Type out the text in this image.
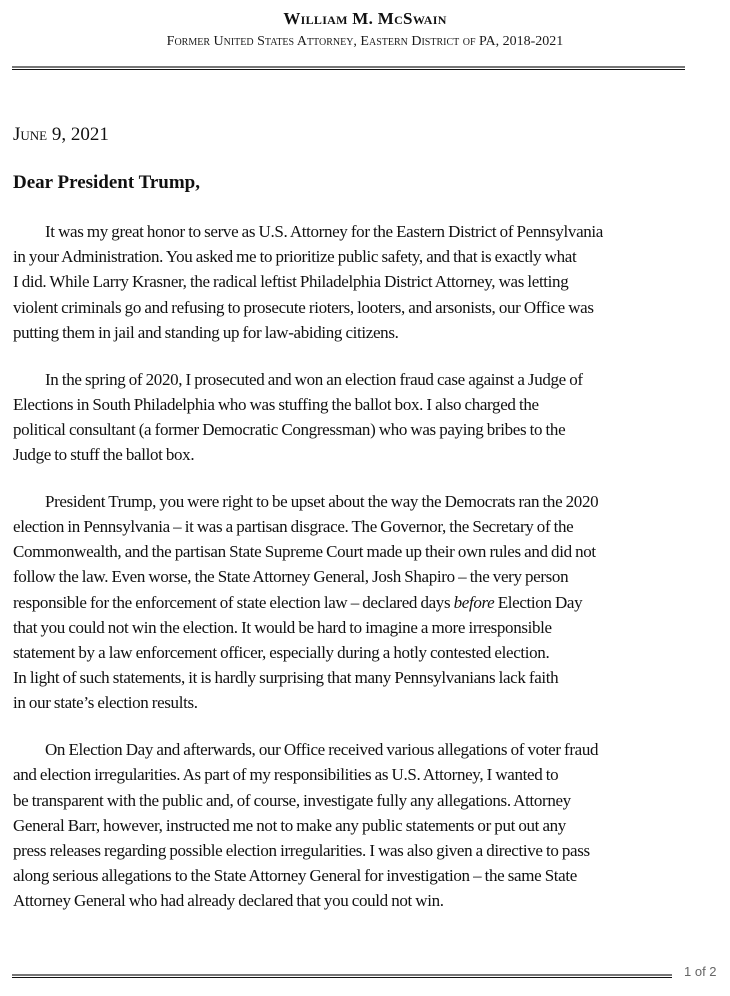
William M. McSwain
Former United States Attorney, Eastern District of PA, 2018-2021
June 9, 2021
Dear President Trump,
It was my great honor to serve as U.S. Attorney for the Eastern District of Pennsylvania
in your Administration. You asked me to prioritize public safety, and that is exactly what
I did. While Larry Krasner, the radical leftist Philadelphia District Attorney, was letting
violent criminals go and refusing to prosecute rioters, looters, and arsonists, our Office was
putting them in jail and standing up for law-abiding citizens.
In the spring of 2020, I prosecuted and won an election fraud case against a Judge of
Elections in South Philadelphia who was stuffing the ballot box. I also charged the
political consultant (a former Democratic Congressman) who was paying bribes to the
Judge to stuff the ballot box.
President Trump, you were right to be upset about the way the Democrats ran the 2020
election in Pennsylvania – it was a partisan disgrace. The Governor, the Secretary of the
Commonwealth, and the partisan State Supreme Court made up their own rules and did not
follow the law. Even worse, the State Attorney General, Josh Shapiro – the very person
responsible for the enforcement of state election law – declared days before Election Day
that you could not win the election. It would be hard to imagine a more irresponsible
statement by a law enforcement officer, especially during a hotly contested election.
In light of such statements, it is hardly surprising that many Pennsylvanians lack faith
in our state’s election results.
On Election Day and afterwards, our Office received various allegations of voter fraud
and election irregularities. As part of my responsibilities as U.S. Attorney, I wanted to
be transparent with the public and, of course, investigate fully any allegations. Attorney
General Barr, however, instructed me not to make any public statements or put out any
press releases regarding possible election irregularities. I was also given a directive to pass
along serious allegations to the State Attorney General for investigation – the same State
Attorney General who had already declared that you could not win.
1 of 2
